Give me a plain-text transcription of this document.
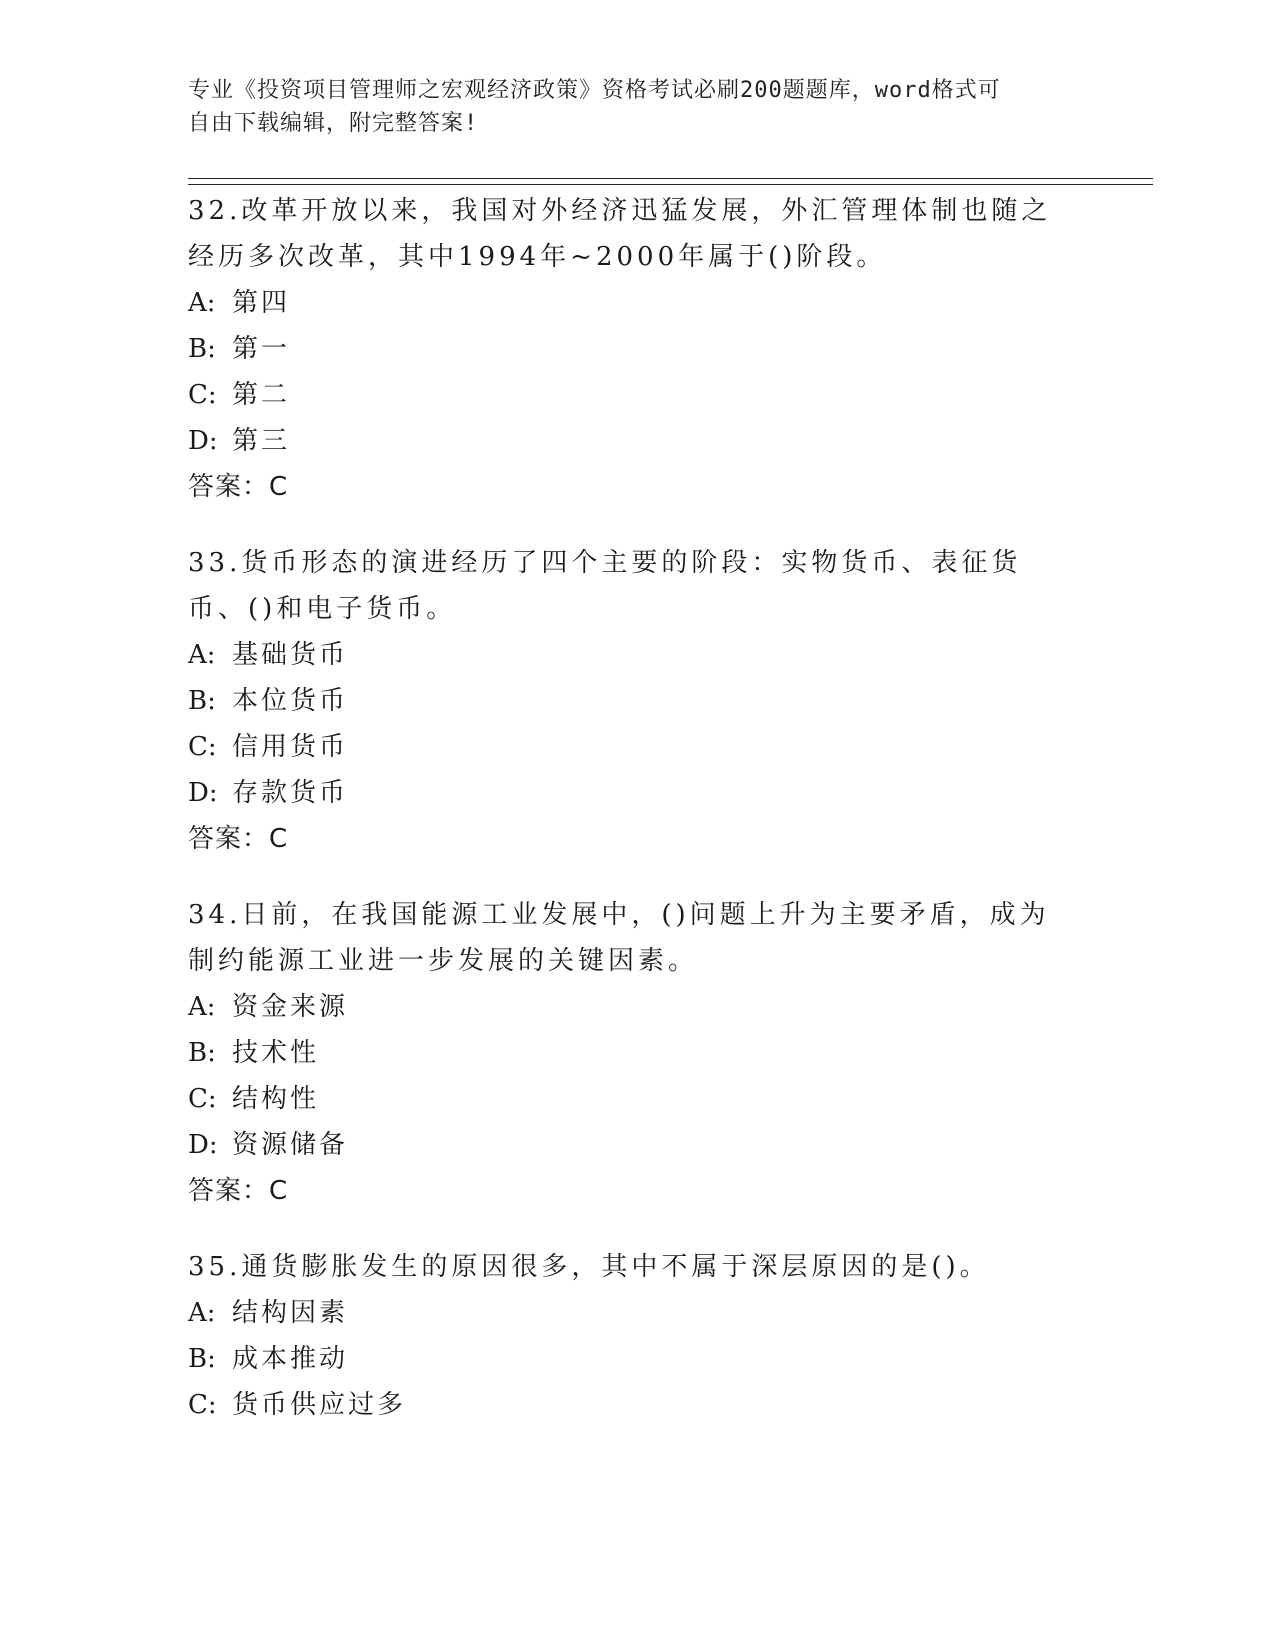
专业《投资项目管理师之宏观经济政策》资格考试必刷200题题库，word格式可
自由下载编辑，附完整答案!

32.改革开放以来，我国对外经济迅猛发展，外汇管理体制也随之经历多次改革，其中1994年~2000年属于()阶段。

A: 第四
B: 第一
C: 第二
D: 第三
答案：C

33.货币形态的演进经历了四个主要的阶段：实物货币、表征货币、()和电子货币。

A: 基础货币
B: 本位货币
C: 信用货币
D: 存款货币
答案：C

34.日前，在我国能源工业发展中，()问题上升为主要矛盾，成为制约能源工业进一步发展的关键因素。

A: 资金来源
B: 技术性
C: 结构性
D: 资源储备
答案：C

35.通货膨胀发生的原因很多，其中不属于深层原因的是()。

A: 结构因素
B: 成本推动
C: 货币供应过多
